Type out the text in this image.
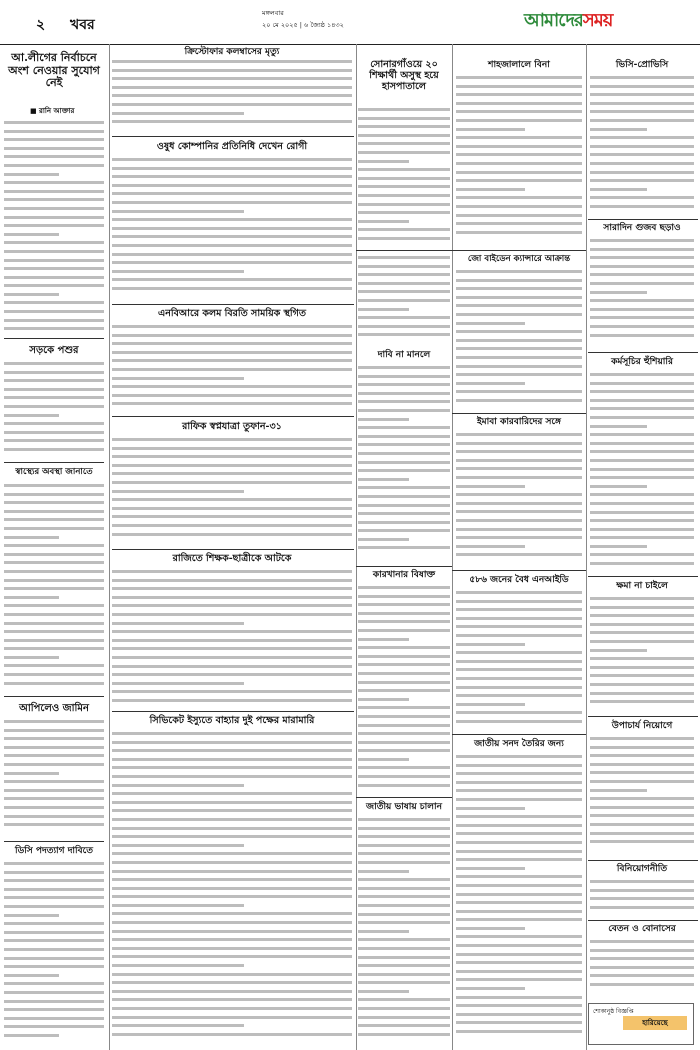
২ খবর
মঙ্গলবার
২০ মে ২০২৫ | ৬ জ্যৈষ্ঠ ১৪৩২	আমাদেরসময়
আ.লীগের নির্বাচনে অংশ নেওয়ার সুযোগ নেই
■ রানি আক্তার
সড়কে পশুর
স্বাস্থ্যের অবস্থা জানাতে
আপিলেও জামিন
ডিসি পদত্যাগ দাবিতে
ক্রিস্টোফার কলম্বাসের মৃত্যু
ওষুধ কোম্পানির প্রতিনিধি দেখেন রোগী
এনবিআরে কলম বিরতি সাময়িক স্থগিত
রাফিক স্বপ্নযাত্রা তুফান-৩১
রাজিতে শিক্ষক-ছাত্রীকে আটকে
সিভিকেট ইস্যুতে বাহ্যার দুই পক্ষের মারামারি
সোনারগাঁওয়ে ২০ শিক্ষার্থী অসুস্থ হয়ে হাসপাতালে
দাবি না মানলে
কারখানার বিষাক্ত
জাতীয় ভাষায় চালান
শাহজালালে বিনা
জো বাইডেন ক্যান্সারে আক্রান্ত
ইমাবা কারবারিদের সঙ্গে
৫৮৬ জনের বৈধ এনআইডি
জাতীয় সনদ তৈরির জন্য
ভিসি-প্রোভিসি
সারাদিন গুজব ছড়াও
কর্মসূচির হুঁশিয়ারি
ক্ষমা না চাইলে
উপাচার্য নিয়োগে
বিনিয়োগনীতি
বেতন ও বোনাসের
শোকানুষ্ঠ বিজ্ঞপ্তি
হারিয়েছে
